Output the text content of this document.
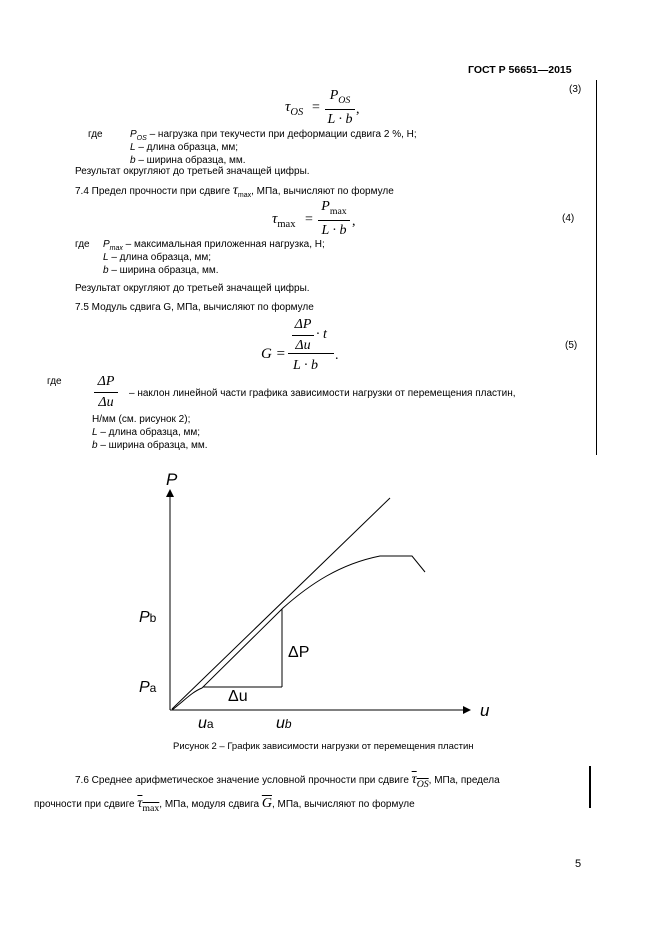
ГОСТ Р 56651—2015
$\tau_{OS}$ =
$P_{OS}$
L · b
,
(3)
где	$P_{OS}$ – нагрузка при текучести при деформации сдвига 2 %, Н;
L – длина образца, мм;
b – ширина образца, мм.
Результат округляют до третьей значащей цифры.
7.4 Предел прочности при сдвиге $\tau_{max}$, МПа, вычисляют по формуле
$\tau_{max}$ =
$P_{max}$
L · b
,	(4)
где $P_{max}$ – максимальная приложенная нагрузка, Н;
L – длина образца, мм;
b – ширина образца, мм.
Результат округляют до третьей значащей цифры.
7.5 Модуль сдвига G, МПа, вычисляют по формуле
G =
ΔP
Δu
· t
L · b
.
(5)
где	ΔP
Δu
– наклон линейной части графика зависимости нагрузки от перемещения пластин,
Н/мм (см. рисунок 2);
L – длина образца, мм;
b – ширина образца, мм.
P
u
Pb
Pa
ua	ub
ΔP
Δu
Рисунок 2 – График зависимости нагрузки от перемещения пластин
7.6 Среднее арифметическое значение условной прочности при сдвиге $\tau_{OS}$, МПа, предела
прочности при сдвиге $\tau_{max}$, МПа, модуля сдвига $\overline{G}$, МПа, вычисляют по формуле
5
